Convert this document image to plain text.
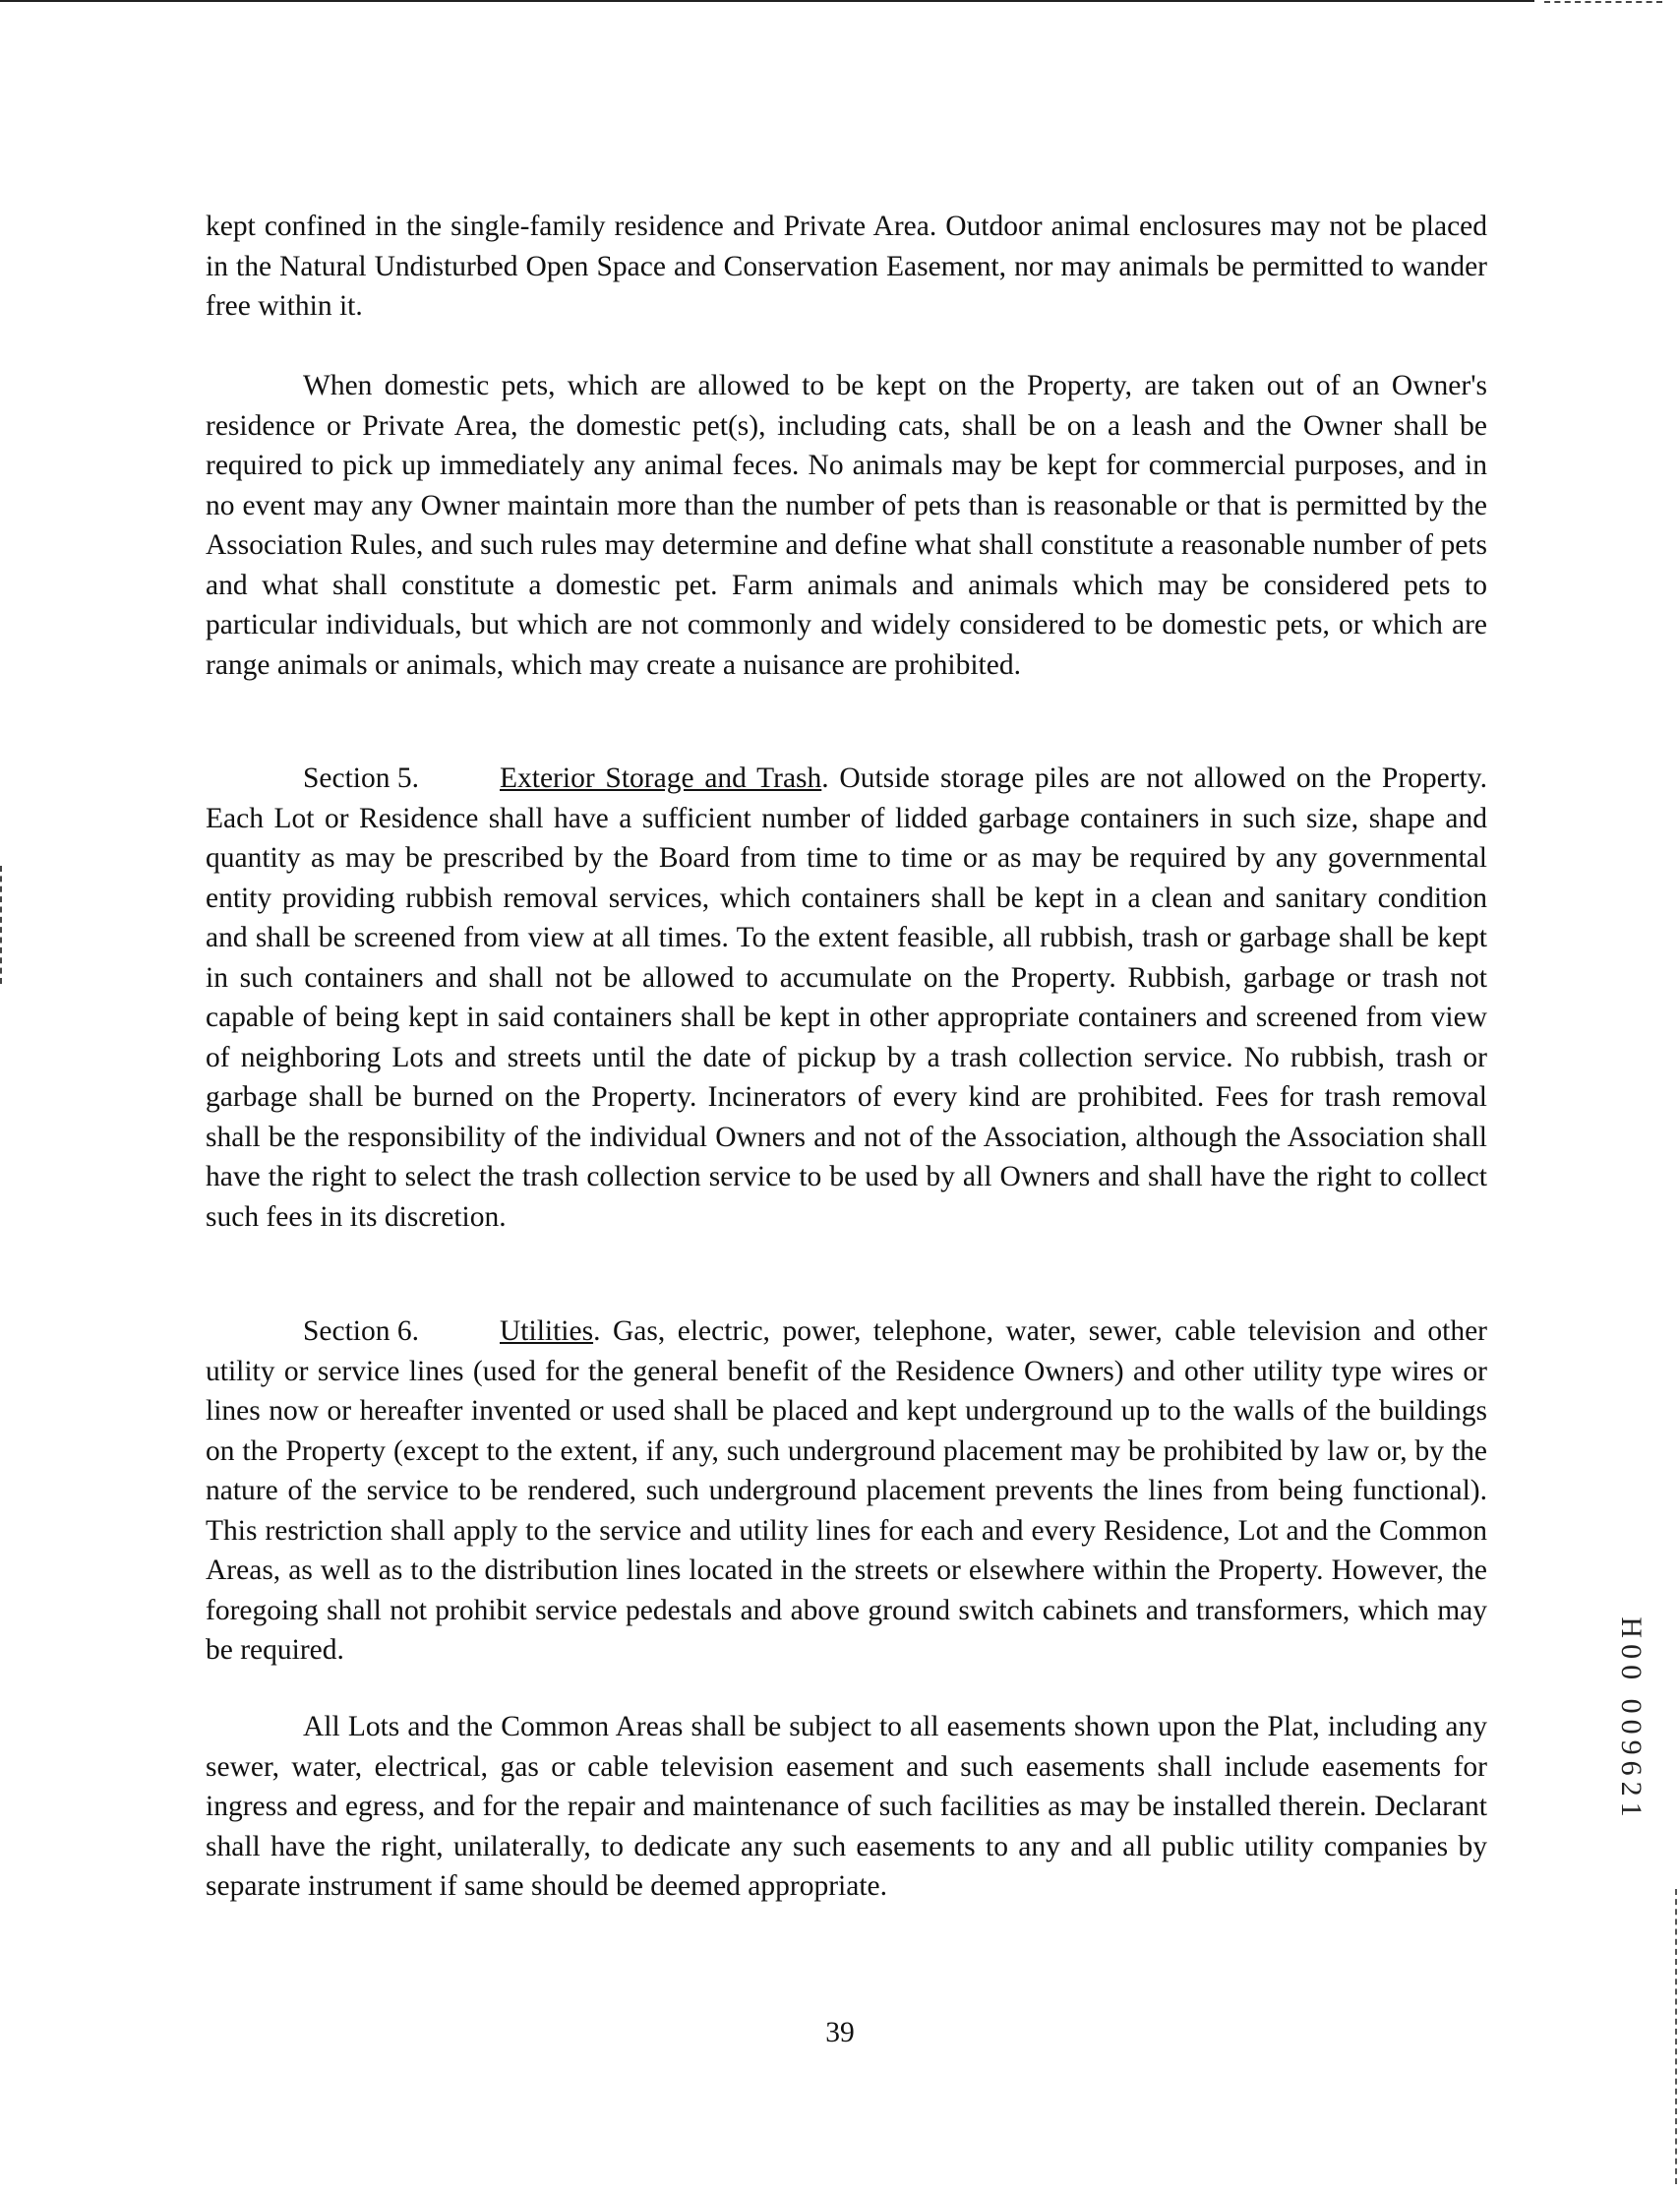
kept confined in the single-family residence and Private Area. Outdoor animal enclosures may not be placed in the Natural Undisturbed Open Space and Conservation Easement, nor may animals be permitted to wander free within it.

When domestic pets, which are allowed to be kept on the Property, are taken out of an Owner's residence or Private Area, the domestic pet(s), including cats, shall be on a leash and the Owner shall be required to pick up immediately any animal feces. No animals may be kept for commercial purposes, and in no event may any Owner maintain more than the number of pets than is reasonable or that is permitted by the Association Rules, and such rules may determine and define what shall constitute a reasonable number of pets and what shall constitute a domestic pet. Farm animals and animals which may be considered pets to particular individuals, but which are not commonly and widely considered to be domestic pets, or which are range animals or animals, which may create a nuisance are prohibited.

Section 5.	Exterior Storage and Trash. Outside storage piles are not allowed on the Property. Each Lot or Residence shall have a sufficient number of lidded garbage containers in such size, shape and quantity as may be prescribed by the Board from time to time or as may be required by any governmental entity providing rubbish removal services, which containers shall be kept in a clean and sanitary condition and shall be screened from view at all times. To the extent feasible, all rubbish, trash or garbage shall be kept in such containers and shall not be allowed to accumulate on the Property. Rubbish, garbage or trash not capable of being kept in said containers shall be kept in other appropriate containers and screened from view of neighboring Lots and streets until the date of pickup by a trash collection service. No rubbish, trash or garbage shall be burned on the Property. Incinerators of every kind are prohibited. Fees for trash removal shall be the responsibility of the individual Owners and not of the Association, although the Association shall have the right to select the trash collection service to be used by all Owners and shall have the right to collect such fees in its discretion.

Section 6.	Utilities. Gas, electric, power, telephone, water, sewer, cable television and other utility or service lines (used for the general benefit of the Residence Owners) and other utility type wires or lines now or hereafter invented or used shall be placed and kept underground up to the walls of the buildings on the Property (except to the extent, if any, such underground placement may be prohibited by law or, by the nature of the service to be rendered, such underground placement prevents the lines from being functional). This restriction shall apply to the service and utility lines for each and every Residence, Lot and the Common Areas, as well as to the distribution lines located in the streets or elsewhere within the Property. However, the foregoing shall not prohibit service pedestals and above ground switch cabinets and transformers, which may be required.

All Lots and the Common Areas shall be subject to all easements shown upon the Plat, including any sewer, water, electrical, gas or cable television easement and such easements shall include easements for ingress and egress, and for the repair and maintenance of such facilities as may be installed therein. Declarant shall have the right, unilaterally, to dedicate any such easements to any and all public utility companies by separate instrument if same should be deemed appropriate.

39
H00 009621
